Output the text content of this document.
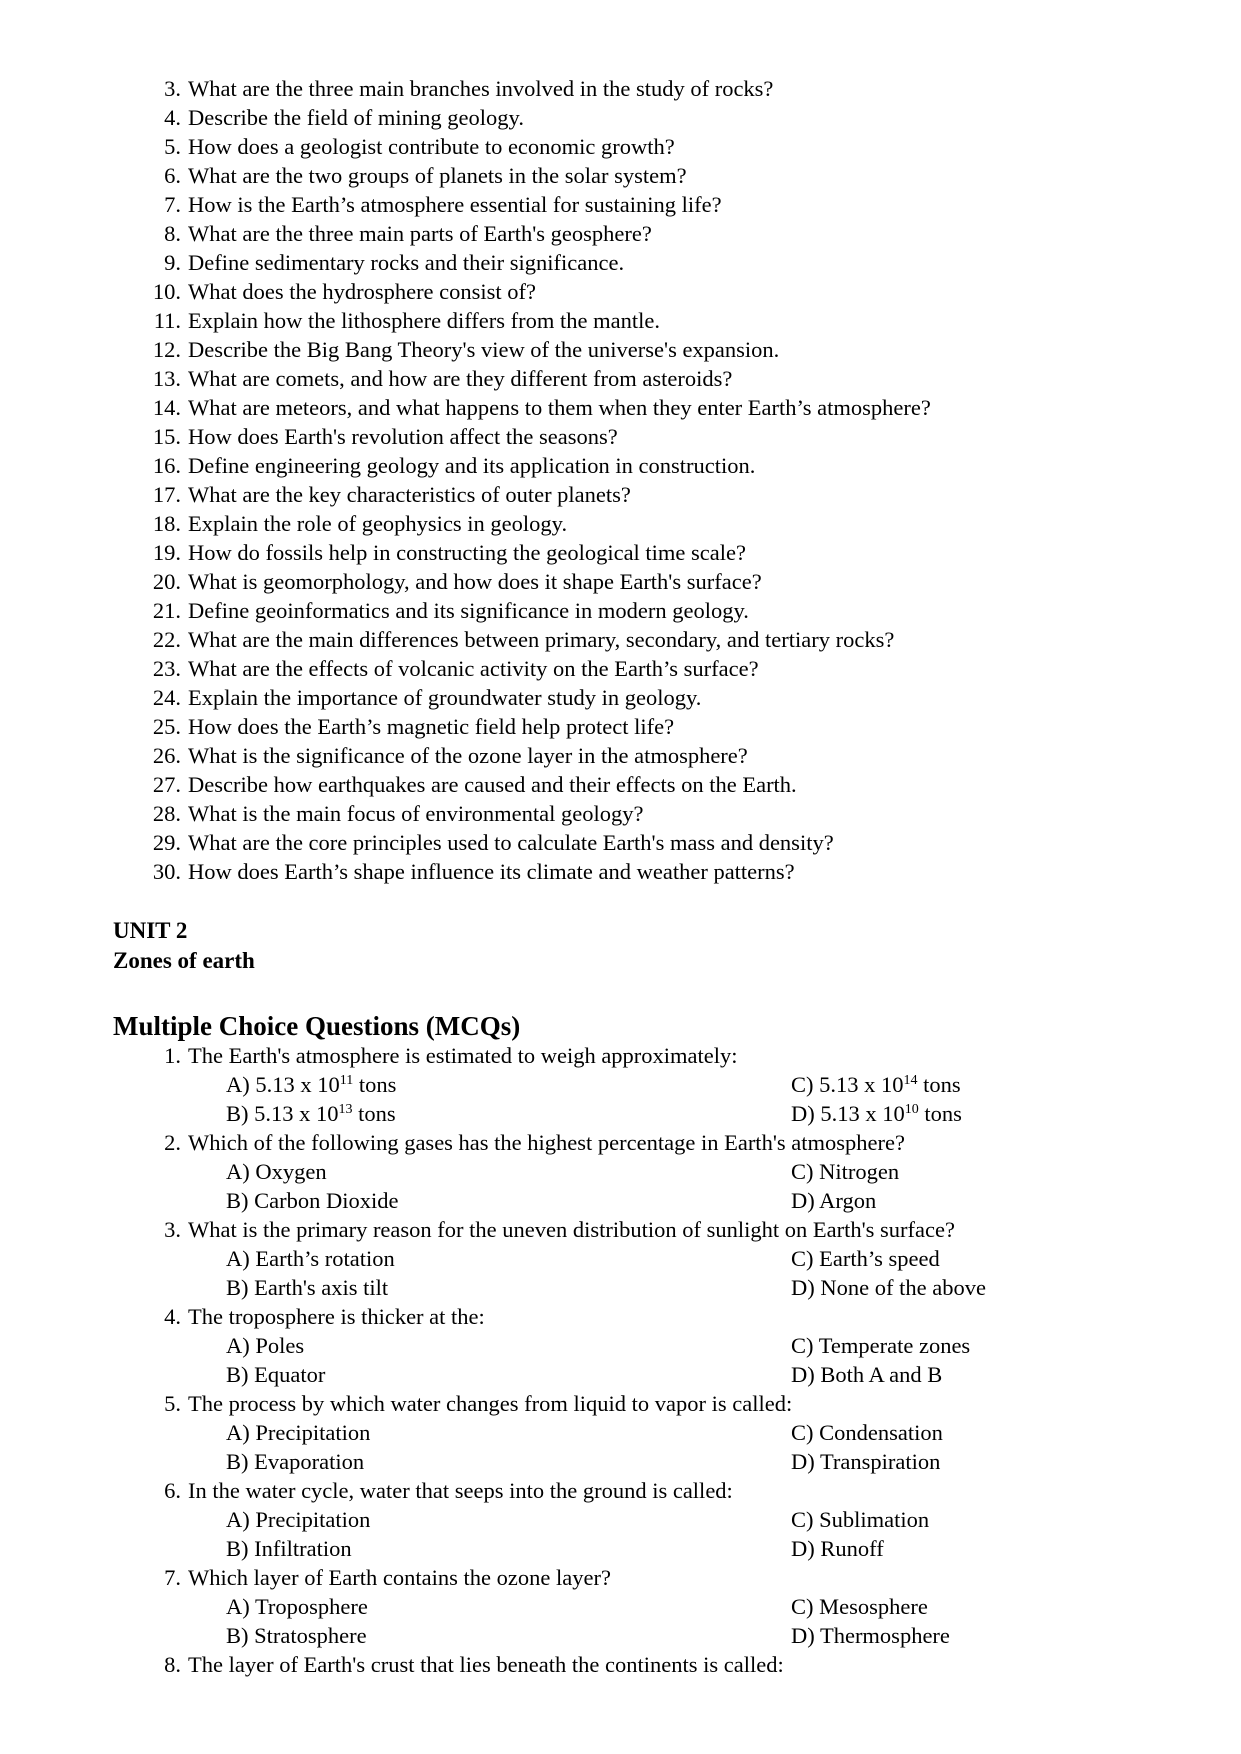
3. What are the three main branches involved in the study of rocks?
4. Describe the field of mining geology.
5. How does a geologist contribute to economic growth?
6. What are the two groups of planets in the solar system?
7. How is the Earth’s atmosphere essential for sustaining life?
8. What are the three main parts of Earth's geosphere?
9. Define sedimentary rocks and their significance.
10. What does the hydrosphere consist of?
11. Explain how the lithosphere differs from the mantle.
12. Describe the Big Bang Theory's view of the universe's expansion.
13. What are comets, and how are they different from asteroids?
14. What are meteors, and what happens to them when they enter Earth’s atmosphere?
15. How does Earth's revolution affect the seasons?
16. Define engineering geology and its application in construction.
17. What are the key characteristics of outer planets?
18. Explain the role of geophysics in geology.
19. How do fossils help in constructing the geological time scale?
20. What is geomorphology, and how does it shape Earth's surface?
21. Define geoinformatics and its significance in modern geology.
22. What are the main differences between primary, secondary, and tertiary rocks?
23. What are the effects of volcanic activity on the Earth’s surface?
24. Explain the importance of groundwater study in geology.
25. How does the Earth’s magnetic field help protect life?
26. What is the significance of the ozone layer in the atmosphere?
27. Describe how earthquakes are caused and their effects on the Earth.
28. What is the main focus of environmental geology?
29. What are the core principles used to calculate Earth's mass and density?
30. How does Earth’s shape influence its climate and weather patterns?
UNIT 2
Zones of earth
Multiple Choice Questions (MCQs)
1. The Earth's atmosphere is estimated to weigh approximately:
A) 5.13 x $10^{11}$ tons	C) 5.13 x $10^{14}$ tons
B) 5.13 x $10^{13}$ tons	D) 5.13 x $10^{10}$ tons
2. Which of the following gases has the highest percentage in Earth's atmosphere?
A) Oxygen	C) Nitrogen
B) Carbon Dioxide	D) Argon
3. What is the primary reason for the uneven distribution of sunlight on Earth's surface?
A) Earth’s rotation	C) Earth’s speed
B) Earth's axis tilt	D) None of the above
4. The troposphere is thicker at the:
A) Poles	C) Temperate zones
B) Equator	D) Both A and B
5. The process by which water changes from liquid to vapor is called:
A) Precipitation	C) Condensation
B) Evaporation	D) Transpiration
6. In the water cycle, water that seeps into the ground is called:
A) Precipitation	C) Sublimation
B) Infiltration	D) Runoff
7. Which layer of Earth contains the ozone layer?
A) Troposphere	C) Mesosphere
B) Stratosphere	D) Thermosphere
8. The layer of Earth's crust that lies beneath the continents is called:
